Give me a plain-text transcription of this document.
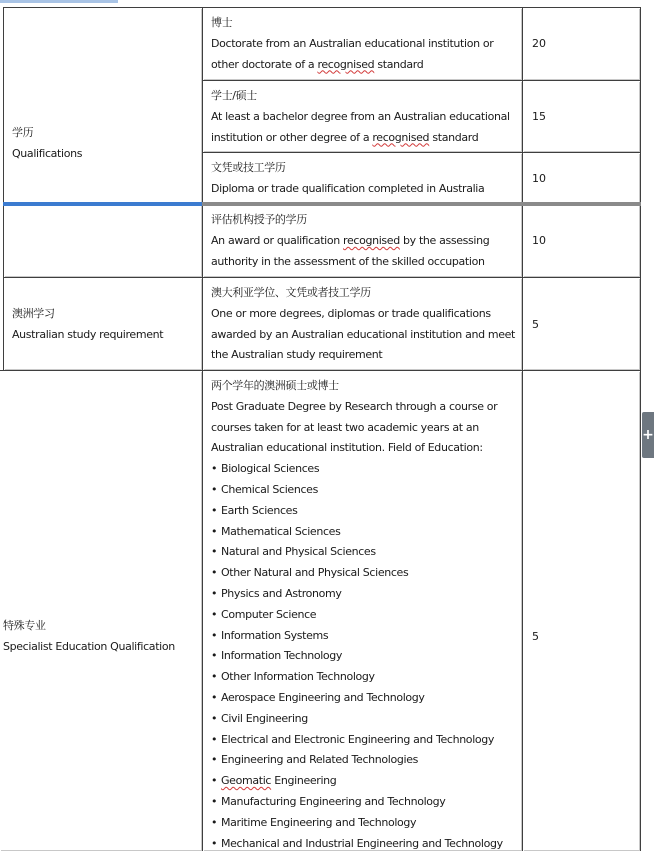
学历
Qualifications
博士
Doctorate from an Australian educational institution or
other doctorate of a recognised standard
20
学士/硕士
At least a bachelor degree from an Australian educational
institution or other degree of a recognised standard
15
文凭或技工学历
Diploma or trade qualification completed in Australia
10
评估机构授予的学历
An award or qualification recognised by the assessing
authority in the assessment of the skilled occupation
10
澳洲学习
Australian study requirement
澳大利亚学位、文凭或者技工学历
One or more degrees, diplomas or trade qualifications
awarded by an Australian educational institution and meet
the Australian study requirement
5
特殊专业
Specialist Education Qualification
两个学年的澳洲硕士或博士
Post Graduate Degree by Research through a course or
courses taken for at least two academic years at an
Australian educational institution. Field of Education:
• Biological Sciences
• Chemical Sciences
• Earth Sciences
• Mathematical Sciences
• Natural and Physical Sciences
• Other Natural and Physical Sciences
• Physics and Astronomy
• Computer Science
• Information Systems
• Information Technology
• Other Information Technology
• Aerospace Engineering and Technology
• Civil Engineering
• Electrical and Electronic Engineering and Technology
• Engineering and Related Technologies
• Geomatic Engineering
• Manufacturing Engineering and Technology
• Maritime Engineering and Technology
• Mechanical and Industrial Engineering and Technology
5
+
